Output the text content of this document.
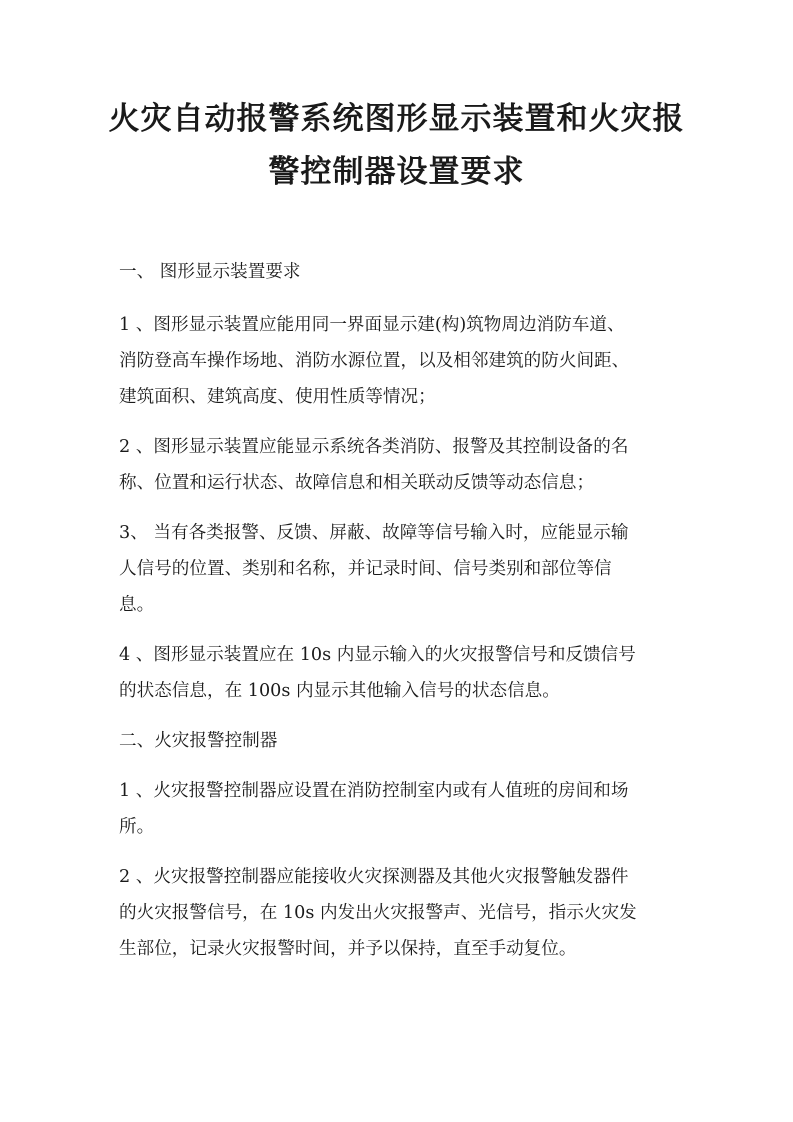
火灾自动报警系统图形显示装置和火灾报
警控制器设置要求
一、 图形显示装置要求
1 、图形显示装置应能用同一界面显示建(构)筑物周边消防车道、
消防登高车操作场地、消防水源位置，以及相邻建筑的防火间距、
建筑面积、建筑高度、使用性质等情况；
2 、图形显示装置应能显示系统各类消防、报警及其控制设备的名
称、位置和运行状态、故障信息和相关联动反馈等动态信息；
3、 当有各类报警、反馈、屏蔽、故障等信号输入时，应能显示输
人信号的位置、类别和名称，并记录时间、信号类别和部位等信
息。
4 、图形显示装置应在 10s 内显示输入的火灾报警信号和反馈信号
的状态信息，在 100s 内显示其他输入信号的状态信息。
二、火灾报警控制器
1 、火灾报警控制器应设置在消防控制室内或有人值班的房间和场
所。
2 、火灾报警控制器应能接收火灾探测器及其他火灾报警触发器件
的火灾报警信号，在 10s 内发出火灾报警声、光信号，指示火灾发
生部位，记录火灾报警时间，并予以保持，直至手动复位。
